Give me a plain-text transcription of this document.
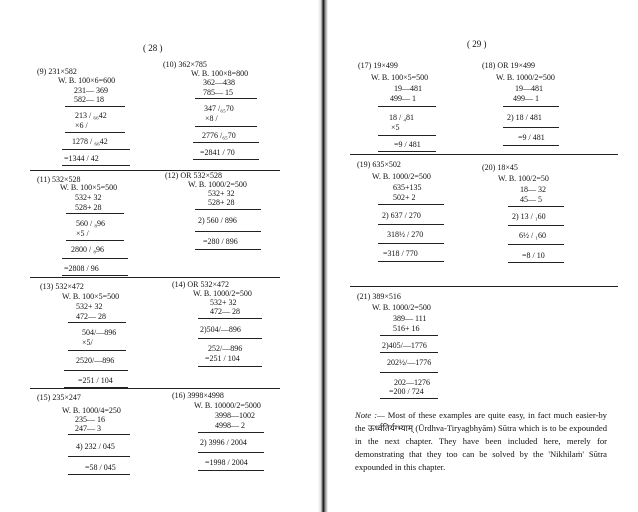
( 28 )
(9) 231×582
W. B. 100×6=600
231— 369
582— 18
213 / ₆₆42
×6 /
1278 / ₆₆42
=1344 / 42
(10) 362×785
W. B. 100×8=800
362—438
785— 15
347 /₆₅70
×8 /
2776 /₆₅70
=2841 / 70
(11) 532×528
W. B. 100×5=500
532+ 32
528+ 28
560 / ₈96
×5 /
2800 / ₈96
=2808 / 96
(12) OR 532×528
W. B. 1000/2=500
532+ 32
528+ 28
2) 560 / 896
=280 / 896
(13) 532×472
W. B. 100×5=500
532+ 32
472— 28
504/—896
×5/
2520/—896
=251 / 104
(14) OR 532×472
W. B. 1000/2=500
532+ 32
472— 28
2)504/—896
252/—896
=251 / 104
(15) 235×247
W. B. 1000/4=250
235— 16
247— 3
4) 232 / 045
=58 / 045
(16) 3998×4998
W. B. 10000/2=5000
3998—1002
4998— 2
2) 3996 / 2004
=1998 / 2004
( 29 )
(17) 19×499
W. B. 100×5=500
19—481
499— 1
18 / ₄81
×5
=9 / 481
(18) OR 19×499
W. B. 1000/2=500
19—481
499— 1
2) 18 / 481
=9 / 481
(19) 635×502
W. B. 1000/2=500
635+135
502+ 2
2) 637 / 270
318½ / 270
=318 / 770
(20) 18×45
W. B. 100/2=50
18— 32
45— 5
2) 13 / ₁60
6½ / ₁60
=8 / 10
(21) 389×516
W. B. 1000/2=500
389— 111
516+ 16
2)405/—1776
202½/—1776
202—1276
=200 / 724
Note :— Most of these examples are quite easy, in fact much easier-by the ऊर्ध्वतिर्यग्भ्याम् (Ūrdhva-Tiryagbhyām) Sūtra which is to be expounded in the next chapter. They have been included here, merely for demonstrating that they too can be solved by the 'Nikhilaṁ' Sūtra expounded in this chapter.
